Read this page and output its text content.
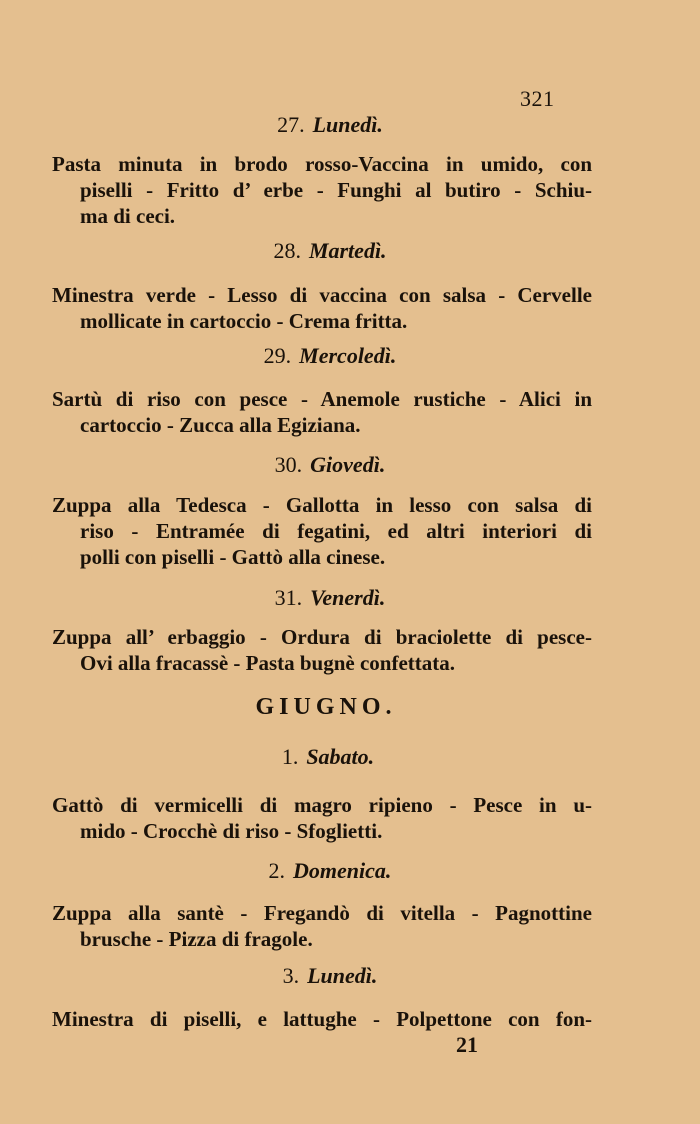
321
27. Lunedì.
Pasta minuta in brodo rosso-Vaccina in umido, con
piselli - Fritto d’ erbe - Funghi al butiro - Schiu-
ma di ceci.
28. Martedì.
Minestra verde - Lesso di vaccina con salsa - Cervelle
mollicate in cartoccio - Crema fritta.
29. Mercoledì.
Sartù di riso con pesce - Anemole rustiche - Alici in
cartoccio - Zucca alla Egiziana.
30. Giovedì.
Zuppa alla Tedesca - Gallotta in lesso con salsa di
riso - Entramée di fegatini, ed altri interiori di
polli con piselli - Gattò alla cinese.
31. Venerdì.
Zuppa all’ erbaggio - Ordura di braciolette di pesce-
Ovi alla fracassè - Pasta bugnè confettata.
GIUGNO.
1. Sabato.
Gattò di vermicelli di magro ripieno - Pesce in u-
mido - Crocchè di riso - Sfoglietti.
2. Domenica.
Zuppa alla santè - Fregandò di vitella - Pagnottine
brusche - Pizza di fragole.
3. Lunedì.
Minestra di piselli, e lattughe - Polpettone con fon-
21
